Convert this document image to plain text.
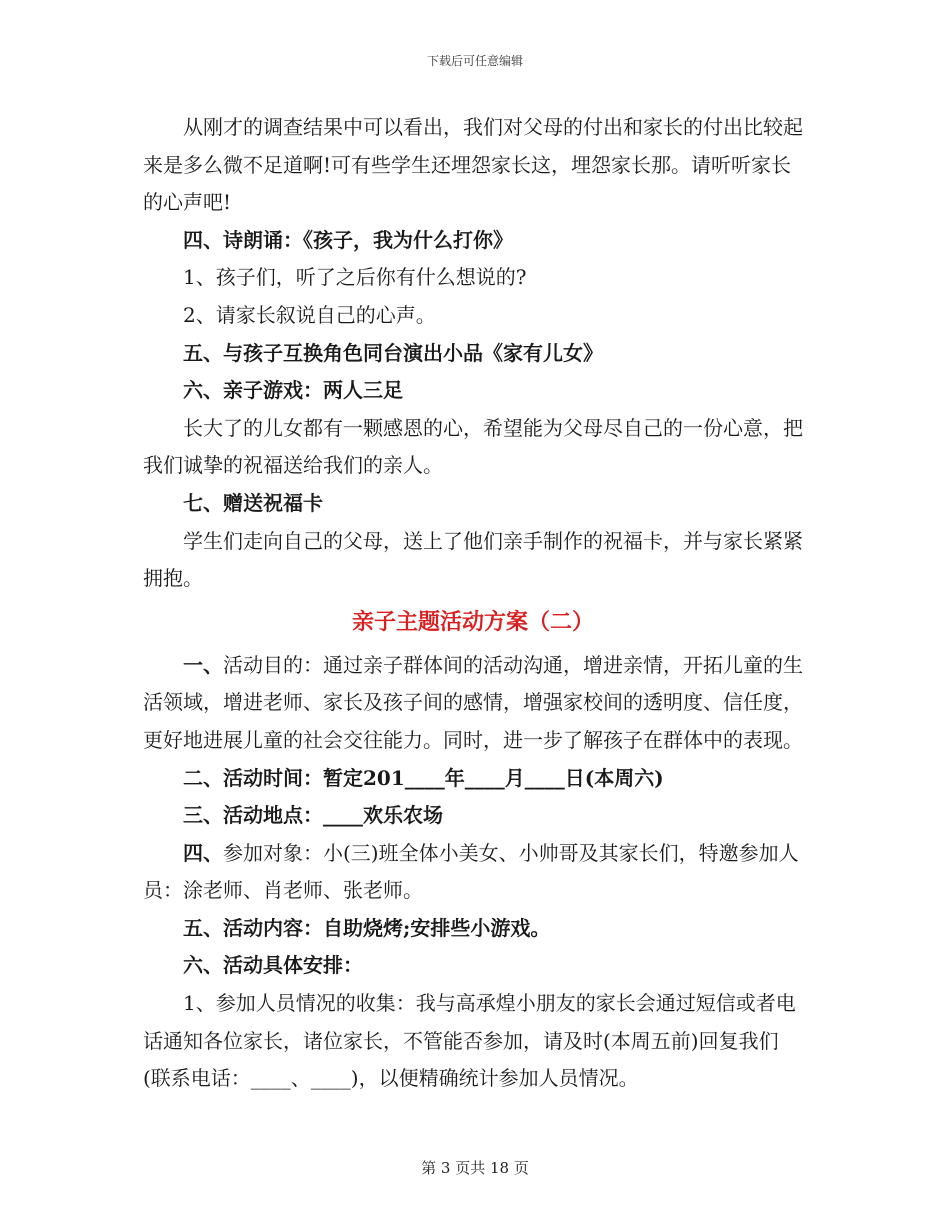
下载后可任意编辑

从刚才的调查结果中可以看出，我们对父母的付出和家长的付出比较起来是多么微不足道啊!可有些学生还埋怨家长这，埋怨家长那。请听听家长的心声吧!

四、诗朗诵：《孩子，我为什么打你》

1、孩子们，听了之后你有什么想说的?

2、请家长叙说自己的心声。

五、与孩子互换角色同台演出小品《家有儿女》

六、亲子游戏：两人三足

长大了的儿女都有一颗感恩的心，希望能为父母尽自己的一份心意，把我们诚挚的祝福送给我们的亲人。

七、赠送祝福卡

学生们走向自己的父母，送上了他们亲手制作的祝福卡，并与家长紧紧拥抱。

亲子主题活动方案（二）

一、活动目的：通过亲子群体间的活动沟通，增进亲情，开拓儿童的生活领域，增进老师、家长及孩子间的感情，增强家校间的透明度、信任度，更好地进展儿童的社会交往能力。同时，进一步了解孩子在群体中的表现。

二、活动时间：暂定201____年____月____日(本周六)

三、活动地点：____欢乐农场

四、参加对象：小(三)班全体小美女、小帅哥及其家长们，特邀参加人员：涂老师、肖老师、张老师。

五、活动内容：自助烧烤;安排些小游戏。

六、活动具体安排：

1、参加人员情况的收集：我与高承煌小朋友的家长会通过短信或者电话通知各位家长，诸位家长，不管能否参加，请及时(本周五前)回复我们(联系电话：____、____)，以便精确统计参加人员情况。

第 3 页共 18 页
